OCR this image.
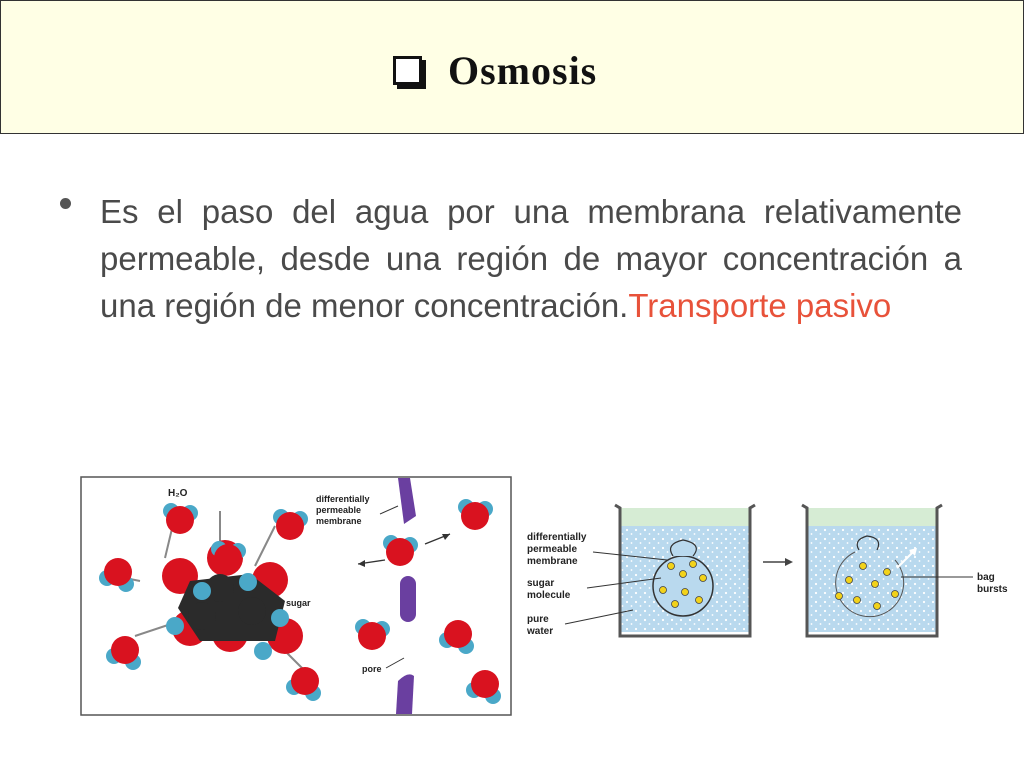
Osmosis
Es el paso del agua por una membrana relativamente permeable, desde una región de mayor concentración a una región de menor concentración.Transporte pasivo
H₂O	differentially
permeable
membrane
sugar
pore
differentially
permeable
membrane
sugar
molecule
pure
water
bag
bursts
